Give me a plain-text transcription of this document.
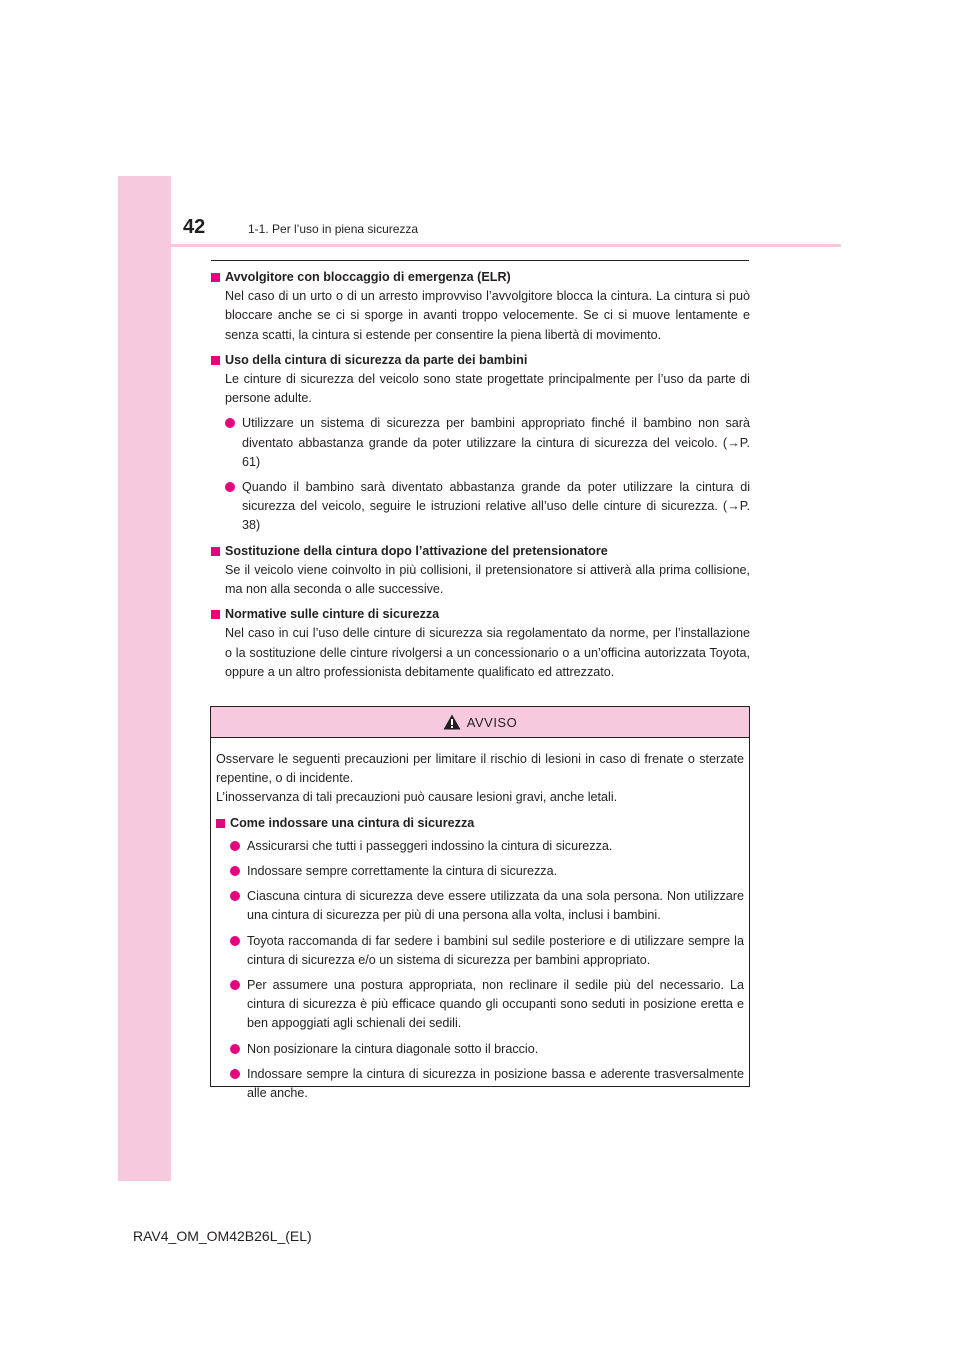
42	1-1. Per l’uso in piena sicurezza

Avvolgitore con bloccaggio di emergenza (ELR)

Nel caso di un urto o di un arresto improvviso l’avvolgitore blocca la cintura. La cintura si può bloccare anche se ci si sporge in avanti troppo velocemente. Se ci si muove lentamente e senza scatti, la cintura si estende per consentire la piena libertà di movimento.

Uso della cintura di sicurezza da parte dei bambini

Le cinture di sicurezza del veicolo sono state progettate principalmente per l’uso da parte di persone adulte.

Utilizzare un sistema di sicurezza per bambini appropriato finché il bambino non sarà diventato abbastanza grande da poter utilizzare la cintura di sicurezza del veicolo. (→P. 61)
Quando il bambino sarà diventato abbastanza grande da poter utilizzare la cintura di sicurezza del veicolo, seguire le istruzioni relative all’uso delle cinture di sicurezza. (→P. 38)

Sostituzione della cintura dopo l’attivazione del pretensionatore

Se il veicolo viene coinvolto in più collisioni, il pretensionatore si attiverà alla prima collisione, ma non alla seconda o alle successive.

Normative sulle cinture di sicurezza

Nel caso in cui l’uso delle cinture di sicurezza sia regolamentato da norme, per l’installazione o la sostituzione delle cinture rivolgersi a un concessionario o a un’officina autorizzata Toyota, oppure a un altro professionista debitamente qualificato ed attrezzato.

AVVISO

Osservare le seguenti precauzioni per limitare il rischio di lesioni in caso di frenate o sterzate repentine, o di incidente.

L’inosservanza di tali precauzioni può causare lesioni gravi, anche letali.

Come indossare una cintura di sicurezza

Assicurarsi che tutti i passeggeri indossino la cintura di sicurezza.
Indossare sempre correttamente la cintura di sicurezza.
Ciascuna cintura di sicurezza deve essere utilizzata da una sola persona. Non utilizzare una cintura di sicurezza per più di una persona alla volta, inclusi i bambini.
Toyota raccomanda di far sedere i bambini sul sedile posteriore e di utilizzare sempre la cintura di sicurezza e/o un sistema di sicurezza per bambini appropriato.
Per assumere una postura appropriata, non reclinare il sedile più del necessario. La cintura di sicurezza è più efficace quando gli occupanti sono seduti in posizione eretta e ben appoggiati agli schienali dei sedili.
Non posizionare la cintura diagonale sotto il braccio.
Indossare sempre la cintura di sicurezza in posizione bassa e aderente trasversalmente alle anche.
RAV4_OM_OM42B26L_(EL)
